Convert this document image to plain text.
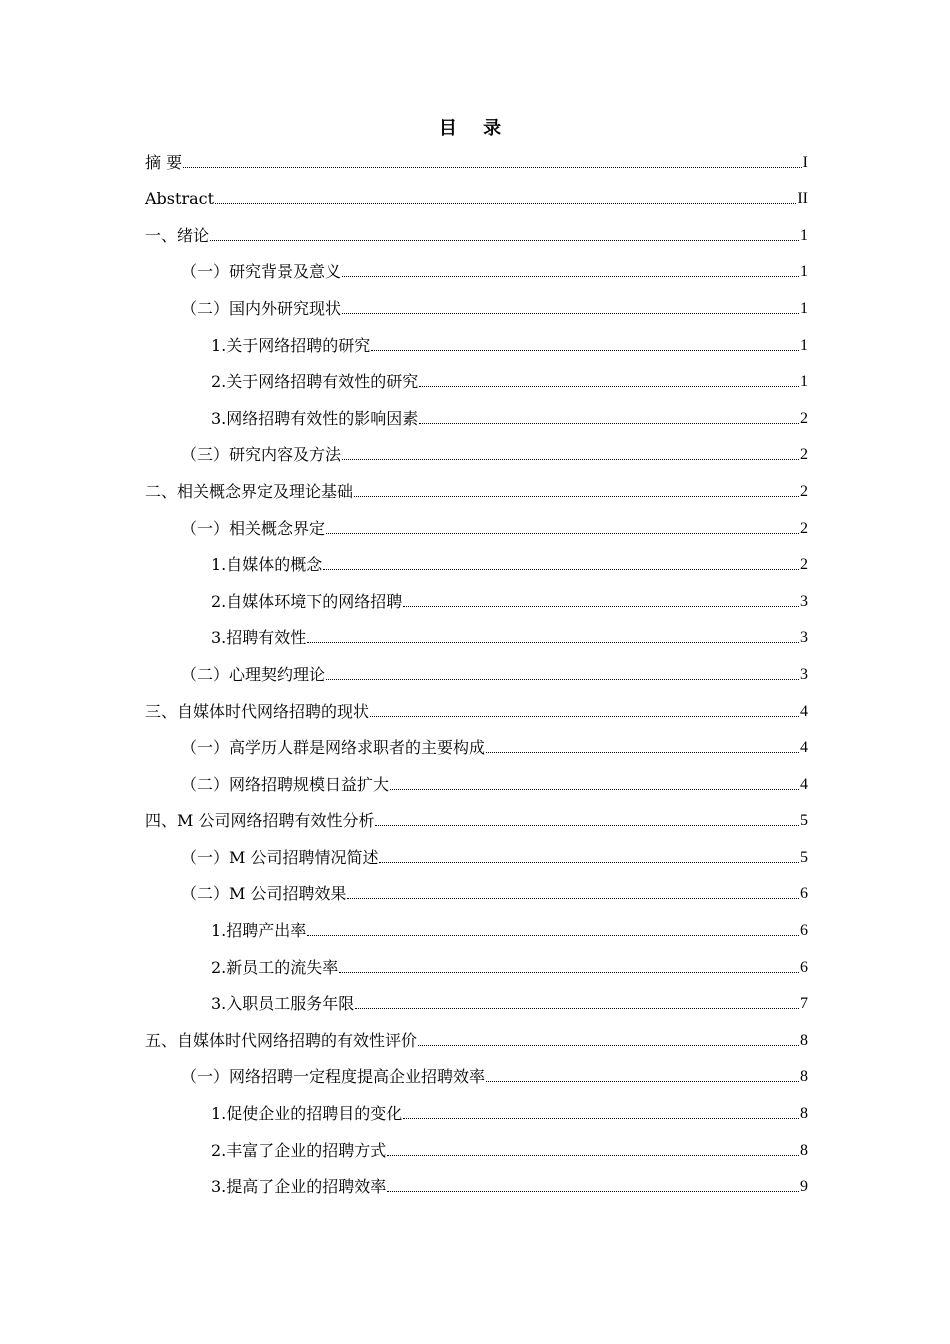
目 录
摘 要	I
Abstract	II
一、绪论	1
（一）研究背景及意义	1
（二）国内外研究现状	1
1.关于网络招聘的研究	1
2.关于网络招聘有效性的研究	1
3.网络招聘有效性的影响因素	2
（三）研究内容及方法	2
二、相关概念界定及理论基础	2
（一）相关概念界定	2
1.自媒体的概念	2
2.自媒体环境下的网络招聘	3
3.招聘有效性	3
（二）心理契约理论	3
三、自媒体时代网络招聘的现状	4
（一）高学历人群是网络求职者的主要构成	4
（二）网络招聘规模日益扩大	4
四、M 公司网络招聘有效性分析	5
（一）M 公司招聘情况简述	5
（二）M 公司招聘效果	6
1.招聘产出率	6
2.新员工的流失率	6
3.入职员工服务年限	7
五、自媒体时代网络招聘的有效性评价	8
（一）网络招聘一定程度提高企业招聘效率	8
1.促使企业的招聘目的变化	8
2.丰富了企业的招聘方式	8
3.提高了企业的招聘效率	9
